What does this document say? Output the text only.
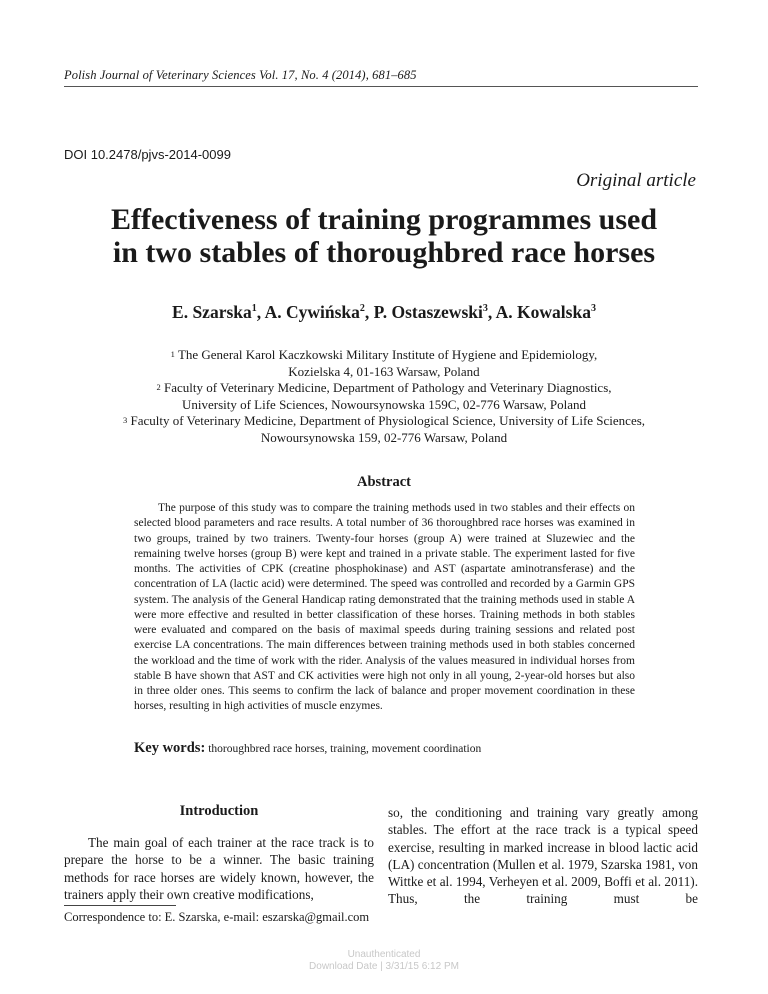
Polish Journal of Veterinary Sciences Vol. 17, No. 4 (2014), 681–685
DOI 10.2478/pjvs-2014-0099
Original article
Effectiveness of training programmes used
in two stables of thoroughbred race horses
E. Szarska$^1$, A. Cywińska$^2$, P. Ostaszewski$^3$, A. Kowalska$^3$
$^1$ The General Karol Kaczkowski Military Institute of Hygiene and Epidemiology,
Kozielska 4, 01-163 Warsaw, Poland
$^2$ Faculty of Veterinary Medicine, Department of Pathology and Veterinary Diagnostics,
University of Life Sciences, Nowoursynowska 159C, 02-776 Warsaw, Poland
$^3$ Faculty of Veterinary Medicine, Department of Physiological Science, University of Life Sciences,
Nowoursynowska 159, 02-776 Warsaw, Poland
Abstract
The purpose of this study was to compare the training methods used in two stables and their effects on selected blood parameters and race results. A total number of 36 thoroughbred race horses was examined in two groups, trained by two trainers. Twenty-four horses (group A) were trained at Sluzewiec and the remaining twelve horses (group B) were kept and trained in a private stable. The experiment lasted for five months. The activities of CPK (creatine phosphokinase) and AST (aspartate aminotransferase) and the concentration of LA (lactic acid) were determined. The speed was controlled and recorded by a Garmin GPS system. The analysis of the General Handicap rating demonstrated that the training methods used in stable A were more effective and resulted in better classification of these horses. Training methods in both stables were evaluated and compared on the basis of maximal speeds during training sessions and related post exercise LA concentrations. The main differences between training methods used in both stables concerned the workload and the time of work with the rider. Analysis of the values measured in individual horses from stable B have shown that AST and CK activities were high not only in all young, 2-year-old horses but also in three older ones. This seems to confirm the lack of balance and proper movement coordination in these horses, resulting in high activities of muscle enzymes.
Key words: thoroughbred race horses, training, movement coordination
Introduction
The main goal of each trainer at the race track is to prepare the horse to be a winner. The basic training methods for race horses are widely known, however, the trainers apply their own creative modifications,
so, the conditioning and training vary greatly among stables. The effort at the race track is a typical speed exercise, resulting in marked increase in blood lactic acid (LA) concentration (Mullen et al. 1979, Szarska 1981, von Wittke et al. 1994, Verheyen et al. 2009, Boffi et al. 2011). Thus, the training must be
Correspondence to: E. Szarska, e-mail: eszarska@gmail.com
Unauthenticated
Download Date | 3/31/15 6:12 PM
